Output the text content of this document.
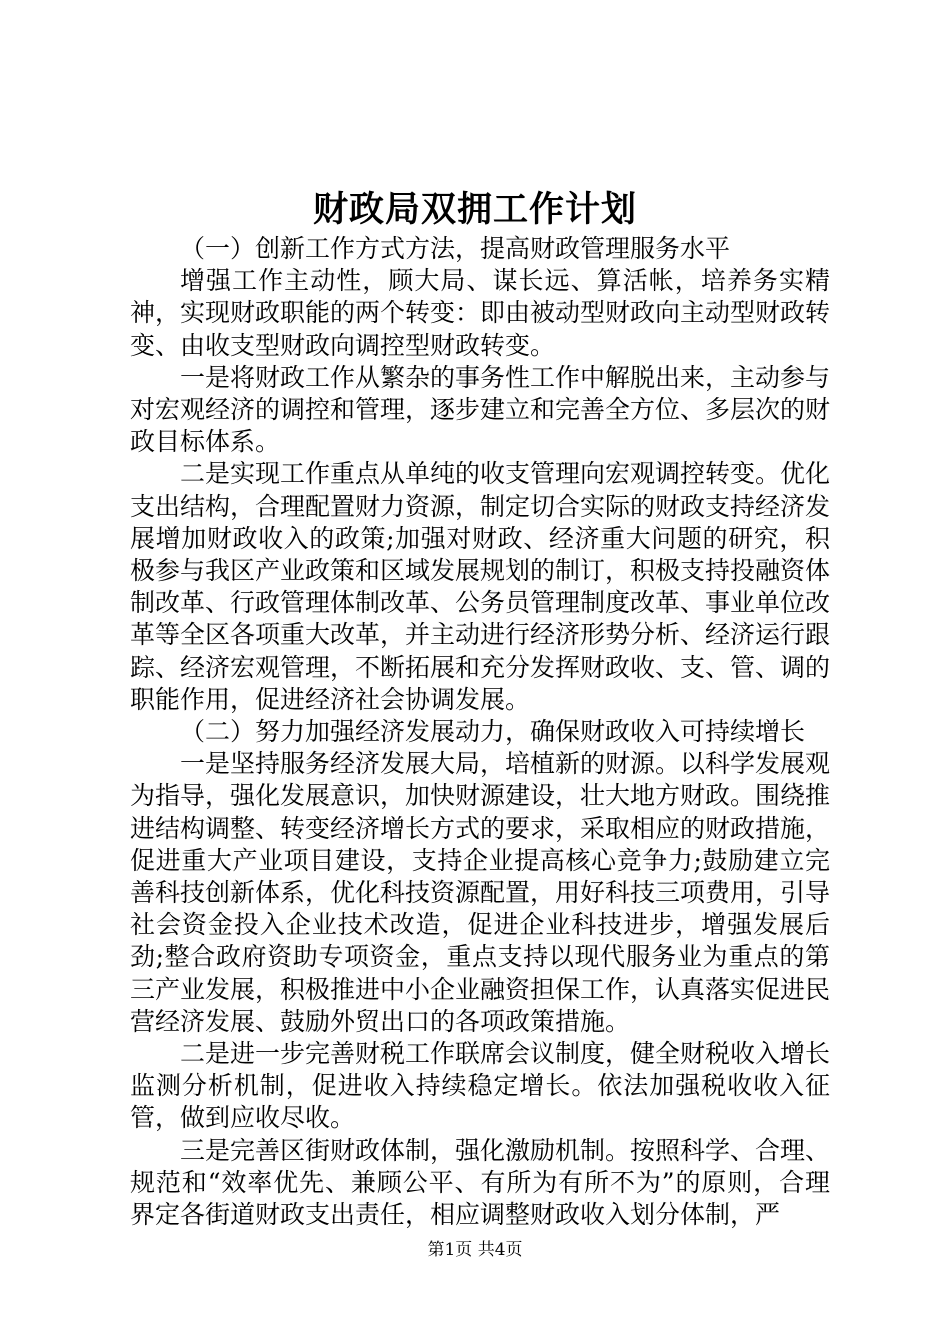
财政局双拥工作计划

（一）创新工作方式方法，提高财政管理服务水平

增强工作主动性，顾大局、谋长远、算活帐，培养务实精神，实现财政职能的两个转变：即由被动型财政向主动型财政转变、由收支型财政向调控型财政转变。

一是将财政工作从繁杂的事务性工作中解脱出来，主动参与对宏观经济的调控和管理，逐步建立和完善全方位、多层次的财政目标体系。

二是实现工作重点从单纯的收支管理向宏观调控转变。优化支出结构，合理配置财力资源，制定切合实际的财政支持经济发展增加财政收入的政策;加强对财政、经济重大问题的研究，积极参与我区产业政策和区域发展规划的制订，积极支持投融资体制改革、行政管理体制改革、公务员管理制度改革、事业单位改革等全区各项重大改革，并主动进行经济形势分析、经济运行跟踪、经济宏观管理，不断拓展和充分发挥财政收、支、管、调的职能作用，促进经济社会协调发展。

（二）努力加强经济发展动力，确保财政收入可持续增长

一是坚持服务经济发展大局，培植新的财源。以科学发展观为指导，强化发展意识，加快财源建设，壮大地方财政。围绕推进结构调整、转变经济增长方式的要求，采取相应的财政措施，促进重大产业项目建设，支持企业提高核心竞争力;鼓励建立完善科技创新体系，优化科技资源配置，用好科技三项费用，引导社会资金投入企业技术改造，促进企业科技进步，增强发展后劲;整合政府资助专项资金，重点支持以现代服务业为重点的第三产业发展，积极推进中小企业融资担保工作，认真落实促进民营经济发展、鼓励外贸出口的各项政策措施。

二是进一步完善财税工作联席会议制度，健全财税收入增长监测分析机制，促进收入持续稳定增长。依法加强税收收入征管，做到应收尽收。

三是完善区街财政体制，强化激励机制。按照科学、合理、规范和“效率优先、兼顾公平、有所为有所不为”的原则，合理界定各街道财政支出责任，相应调整财政收入划分体制，严

第1页 共4页
